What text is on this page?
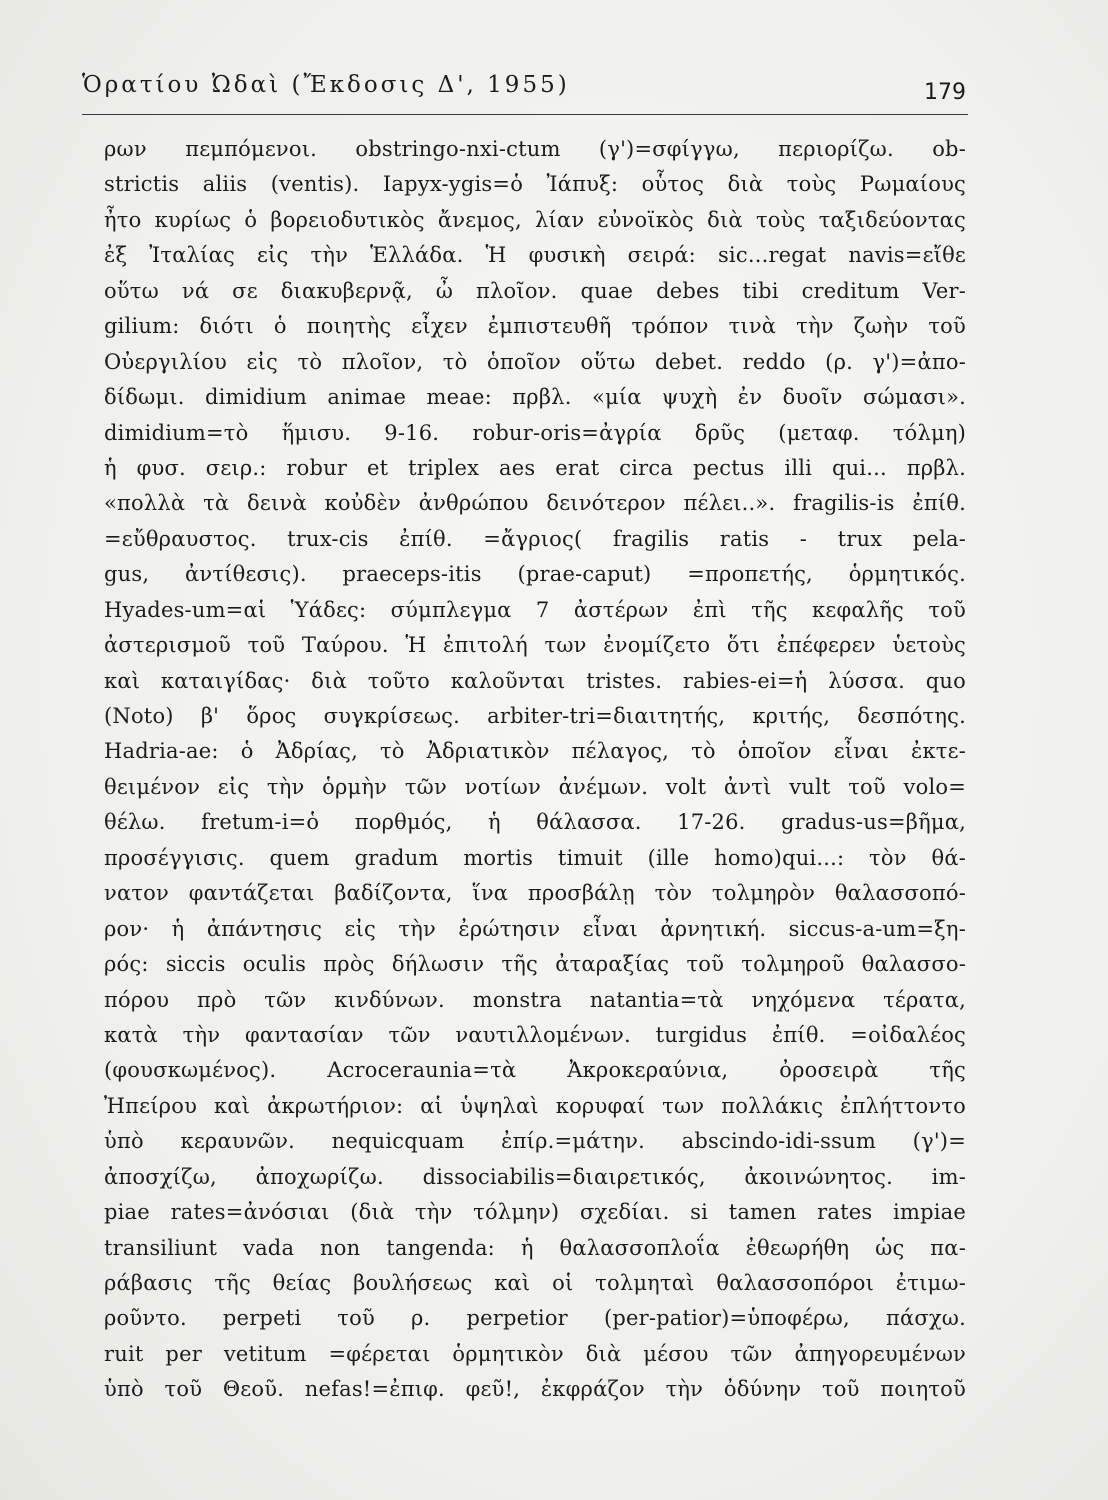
Ὁρατίου Ὠδαὶ (Ἔκδοσις Δ', 1955)	179
ρων πεμπόμενοι. obstringo-nxi-ctum (γ')=σφίγγω, περιορίζω. ob-
strictis aliis (ventis). Iapyx-ygis=ὁ Ἰάπυξ: οὗτος διὰ τοὺς Ρωμαίους
ἦτο κυρίως ὁ βορειοδυτικὸς ἄνεμος, λίαν εὐνοϊκὸς διὰ τοὺς ταξιδεύοντας
ἐξ Ἰταλίας εἰς τὴν Ἑλλάδα. Ἡ φυσικὴ σειρά: sic...regat navis=εἴθε
οὕτω νά σε διακυβερνᾷ, ὦ πλοῖον. quae debes tibi creditum Ver-
gilium: διότι ὁ ποιητὴς εἶχεν ἐμπιστευθῆ τρόπον τινὰ τὴν ζωὴν τοῦ
Οὐεργιλίου εἰς τὸ πλοῖον, τὸ ὁποῖον οὕτω debet. reddo (ρ. γ')=ἀπο-
δίδωμι. dimidium animae meae: πρβλ. «μία ψυχὴ ἐν δυοῖν σώμασι».
dimidium=τὸ ἥμισυ. 9-16. robur-oris=ἀγρία δρῦς (μεταφ. τόλμη)
ἡ φυσ. σειρ.: robur et triplex aes erat circa pectus illi qui... πρβλ.
«πολλὰ τὰ δεινὰ κοὐδὲν ἀνθρώπου δεινότερον πέλει..». fragilis-is ἐπίθ.
=εὔθραυστος. trux-cis ἐπίθ. =ἄγριος( fragilis ratis - trux pela-
gus, ἀντίθεσις). praeceps-itis (prae-caput) =προπετής, ὁρμητικός.
Hyades-um=αἱ Ὑάδες: σύμπλεγμα 7 ἀστέρων ἐπὶ τῆς κεφαλῆς τοῦ
ἀστερισμοῦ τοῦ Ταύρου. Ἡ ἐπιτολή των ἐνομίζετο ὅτι ἐπέφερεν ὑετοὺς
καὶ καταιγίδας· διὰ τοῦτο καλοῦνται tristes. rabies-ei=ἡ λύσσα. quo
(Noto) β' ὅρος συγκρίσεως. arbiter-tri=διαιτητής, κριτής, δεσπότης.
Hadria-ae: ὁ Ἀδρίας, τὸ Ἀδριατικὸν πέλαγος, τὸ ὁποῖον εἶναι ἐκτε-
θειμένον εἰς τὴν ὁρμὴν τῶν νοτίων ἀνέμων. volt ἀντὶ vult τοῦ volo=
θέλω. fretum-i=ὁ πορθμός, ἡ θάλασσα. 17-26. gradus-us=βῆμα,
προσέγγισις. quem gradum mortis timuit (ille homo)qui...: τὸν θά-
νατον φαντάζεται βαδίζοντα, ἵνα προσβάλῃ τὸν τολμηρὸν θαλασσοπό-
ρον· ἡ ἀπάντησις εἰς τὴν ἐρώτησιν εἶναι ἀρνητική. siccus-a-um=ξη-
ρός: siccis oculis πρὸς δήλωσιν τῆς ἀταραξίας τοῦ τολμηροῦ θαλασσο-
πόρου πρὸ τῶν κινδύνων. monstra natantia=τὰ νηχόμενα τέρατα,
κατὰ τὴν φαντασίαν τῶν ναυτιλλομένων. turgidus ἐπίθ. =οἰδαλέος
(φουσκωμένος). Acroceraunia=τὰ Ἀκροκεραύνια, ὀροσειρὰ τῆς
Ἠπείρου καὶ ἀκρωτήριον: αἱ ὑψηλαὶ κορυφαί των πολλάκις ἐπλήττοντο
ὑπὸ κεραυνῶν. nequicquam ἐπίρ.=μάτην. abscindo-idi-ssum (γ')=
ἀποσχίζω, ἀποχωρίζω. dissociabilis=διαιρετικός, ἀκοινώνητος. im-
piae rates=ἀνόσιαι (διὰ τὴν τόλμην) σχεδίαι. si tamen rates impiae
transiliunt vada non tangenda: ἡ θαλασσοπλοΐα ἐθεωρήθη ὡς πα-
ράβασις τῆς θείας βουλήσεως καὶ οἱ τολμηταὶ θαλασσοπόροι ἐτιμω-
ροῦντο. perpeti τοῦ ρ. perpetior (per-patior)=ὑποφέρω, πάσχω.
ruit per vetitum =φέρεται ὁρμητικὸν διὰ μέσου τῶν ἀπηγορευμένων
ὑπὸ τοῦ Θεοῦ. nefas!=ἐπιφ. φεῦ!, ἐκφράζον τὴν ὀδύνην τοῦ ποιητοῦ
